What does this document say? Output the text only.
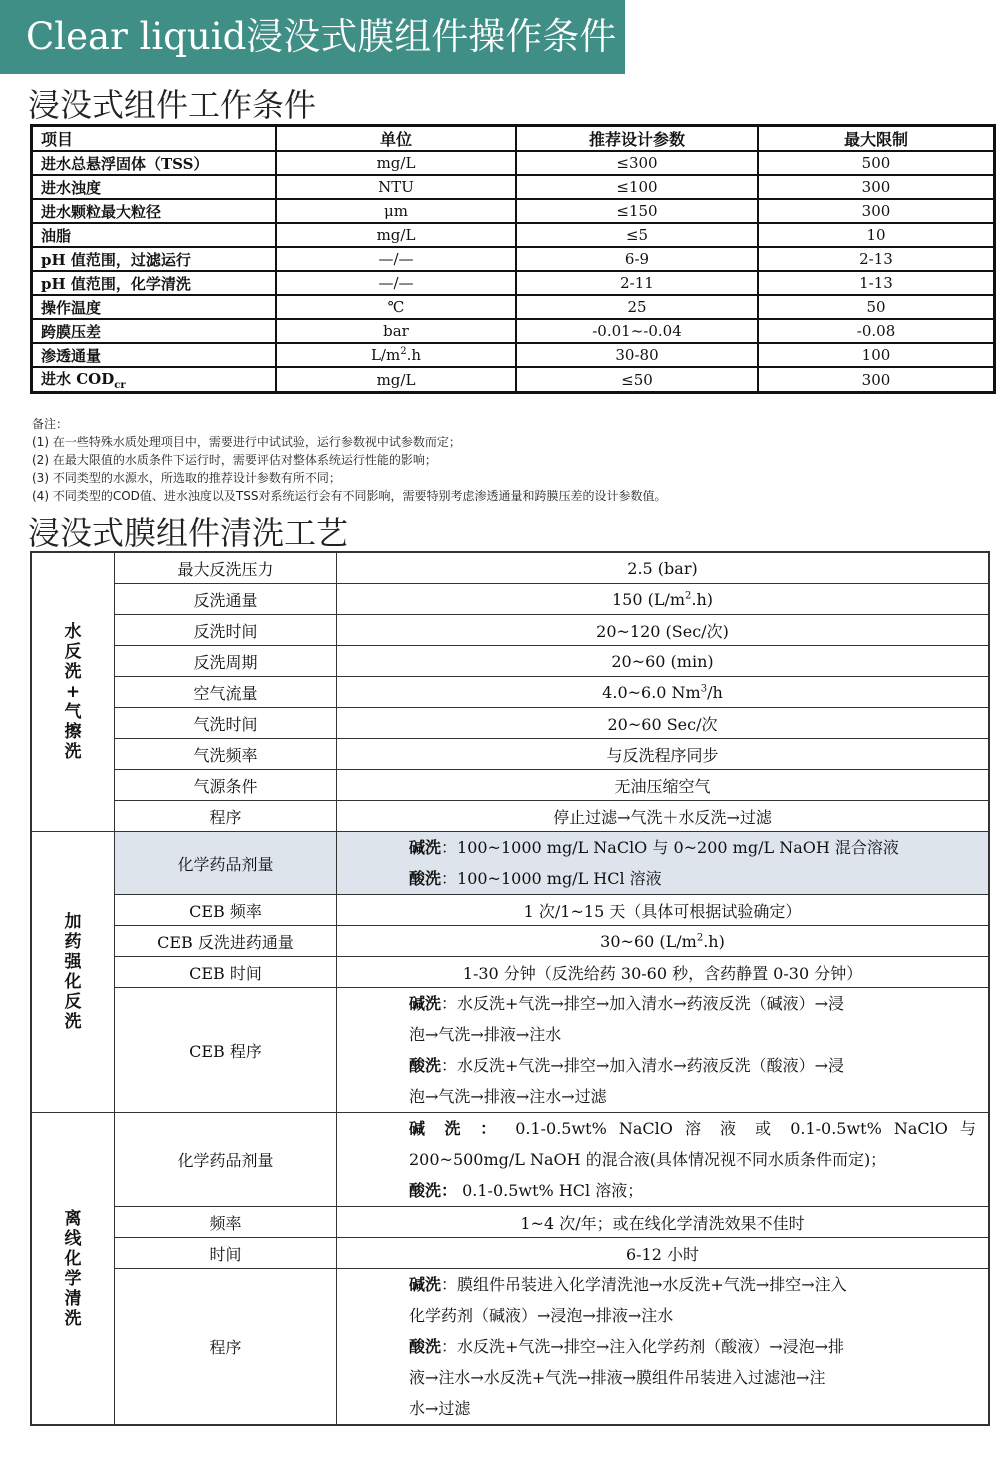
Clear liquid浸没式膜组件操作条件
浸没式组件工作条件
项目	单位	推荐设计参数	最大限制
进水总悬浮固体（TSS）	mg/L	≤300	500
进水浊度	NTU	≤100	300
进水颗粒最大粒径	μm	≤150	300
油脂	mg/L	≤5	10
pH 值范围，过滤运行	—/—	6-9	2-13
pH 值范围，化学清洗	—/—	2-11	1-13
操作温度	℃	25	50
跨膜压差	bar	-0.01~-0.04	-0.08
渗透通量	$L/m^2.h$	30-80	100
进水 $COD_{cr}$	mg/L	≤50	300
备注：
(1) 在一些特殊水质处理项目中，需要进行中试试验，运行参数视中试参数而定；
(2) 在最大限值的水质条件下运行时，需要评估对整体系统运行性能的影响；
(3) 不同类型的水源水，所选取的推荐设计参数有所不同；
(4) 不同类型的COD值、进水浊度以及TSS对系统运行会有不同影响，需要特别考虑渗透通量和跨膜压差的设计参数值。
浸没式膜组件清洗工艺
水反洗+气擦洗	最大反洗压力	2.5 (bar)
	反洗通量	150 $(L/m^2.h)$
	反洗时间	20~120 (Sec/次)
	反洗周期	20~60 (min)
	空气流量	4.0~6.0 Nm$^3$/h
	气洗时间	20~60 Sec/次
	气洗频率	与反洗程序同步
	气源条件	无油压缩空气
	程序	停止过滤→气洗＋水反洗→过滤

加药强化反洗	化学药品剂量	碱洗：100~1000 mg/L NaClO 与 0~200 mg/L NaOH 混合溶液
酸洗：100~1000 mg/L HCl 溶液

	CEB 频率	1 次/1~15 天（具体可根据试验确定）
	CEB 反洗进药通量	30~60 $(L/m^2.h)$
	CEB 时间	1-30 分钟（反洗给药 30-60 秒，含药静置 0-30 分钟）
	CEB 程序	碱洗：水反洗+气洗→排空→加入清水→药液反洗（碱液）→浸
泡→气洗→排液→注水
酸洗：水反洗+气洗→排空→加入清水→药液反洗（酸液）→浸
泡→气洗→排液→注水→过滤

离线化学清洗	化学药品剂量	碱 洗 ： 0.1-0.5wt% NaClO 溶 液 或 0.1-0.5wt% NaClO 与
200~500mg/L NaOH 的混合液(具体情况视不同水质条件而定)；
酸洗： 0.1-0.5wt% HCl 溶液；

	频率	1~4 次/年；或在线化学清洗效果不佳时
	时间	6-12 小时
	程序	碱洗：膜组件吊装进入化学清洗池→水反洗+气洗→排空→注入
化学药剂（碱液）→浸泡→排液→注水
酸洗：水反洗+气洗→排空→注入化学药剂（酸液）→浸泡→排
液→注水→水反洗+气洗→排液→膜组件吊装进入过滤池→注
水→过滤
